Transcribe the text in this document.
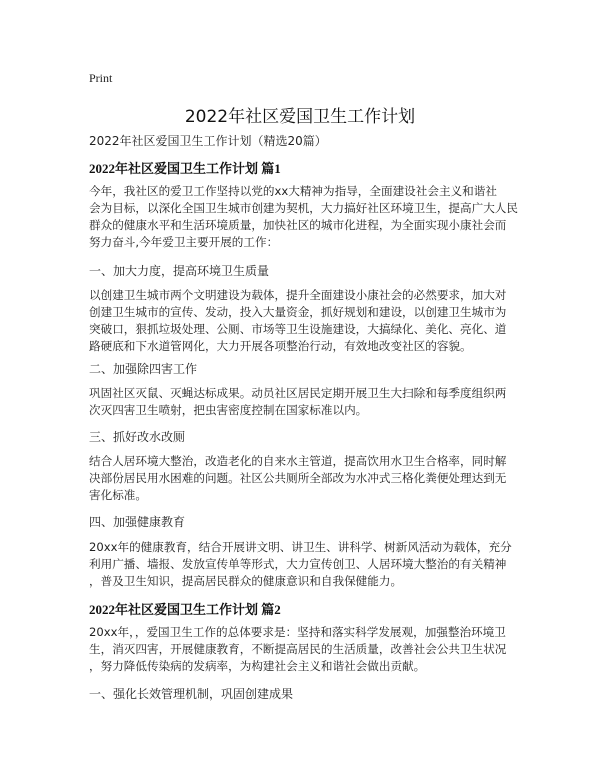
Print
2022年社区爱国卫生工作计划
2022年社区爱国卫生工作计划（精选20篇）
2022年社区爱国卫生工作计划 篇1
今年，我社区的爱卫工作坚持以党的xx大精神为指导，全面建设社会主义和谐社
会为目标，以深化全国卫生城市创建为契机，大力搞好社区环境卫生，提高广大人民
群众的健康水平和生活环境质量，加快社区的城市化进程，为全面实现小康社会而
努力奋斗,今年爱卫主要开展的工作：
一、加大力度，提高环境卫生质量
以创建卫生城市两个文明建设为载体，提升全面建设小康社会的必然要求，加大对
创建卫生城市的宣传、发动，投入大量资金，抓好规划和建设，以创建卫生城市为
突破口，狠抓垃圾处理、公厕、市场等卫生设施建设，大搞绿化、美化、亮化、道
路硬底和下水道管网化，大力开展各项整治行动，有效地改变社区的容貌。
二、加强除四害工作
巩固社区灭鼠、灭蝇达标成果。动员社区居民定期开展卫生大扫除和每季度组织两
次灭四害卫生喷射，把虫害密度控制在国家标准以内。
三、抓好改水改厕
结合人居环境大整治，改造老化的自来水主管道，提高饮用水卫生合格率，同时解
决部份居民用水困难的问题。社区公共厕所全部改为水冲式三格化粪便处理达到无
害化标准。
四、加强健康教育
20xx年的健康教育，结合开展讲文明、讲卫生、讲科学、树新风活动为载体，充分
利用广播、墙报、发放宣传单等形式，大力宣传创卫、人居环境大整治的有关精神
，普及卫生知识，提高居民群众的健康意识和自我保健能力。
2022年社区爱国卫生工作计划 篇2
20xx年，，爱国卫生工作的总体要求是：坚持和落实科学发展观，加强整治环境卫
生，消灭四害，开展健康教育，不断提高居民的生活质量，改善社会公共卫生状况
，努力降低传染病的发病率，为构建社会主义和谐社会做出贡献。
一、强化长效管理机制，巩固创建成果
